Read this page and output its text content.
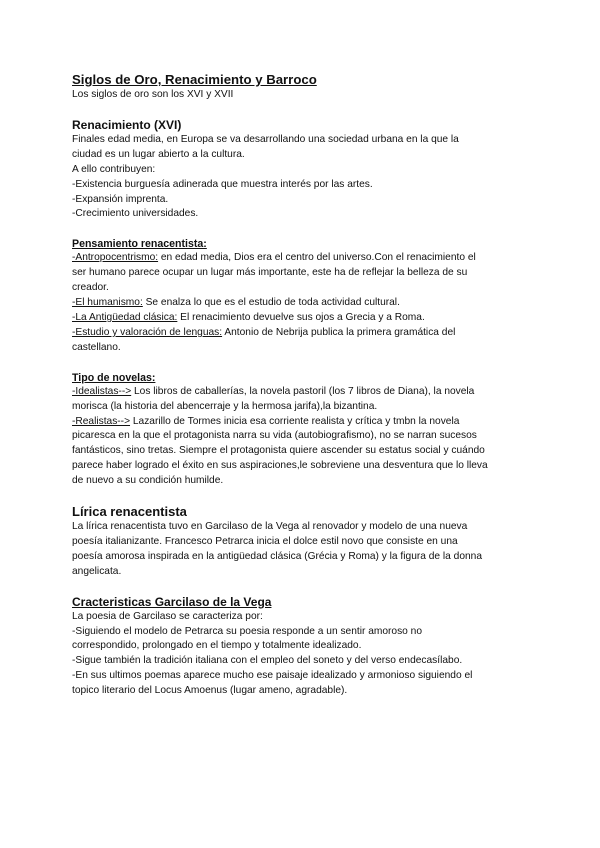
Siglos de Oro, Renacimiento y Barroco

Los siglos de oro son los XVI y XVII

Renacimiento (XVI)

Finales edad media, en Europa se va desarrollando una sociedad urbana en la que la

ciudad es un lugar abierto a la cultura.

A ello contribuyen:

-Existencia burguesía adinerada que muestra interés por las artes.

-Expansión imprenta.

-Crecimiento universidades.

Pensamiento renacentista:

-Antropocentrismo: en edad media, Dios era el centro del universo.Con el renacimiento el

ser humano parece ocupar un lugar más importante, este ha de reflejar la belleza de su

creador.

-El humanismo: Se enalza lo que es el estudio de toda actividad cultural.

-La Antigüedad clásica: El renacimiento devuelve sus ojos a Grecia y a Roma.

-Estudio y valoración de lenguas: Antonio de Nebrija publica la primera gramática del

castellano.

Tipo de novelas:

-Idealistas--> Los libros de caballerías, la novela pastoril (los 7 libros de Diana), la novela

morisca (la historia del abencerraje y la hermosa jarifa),la bizantina.

-Realistas--> Lazarillo de Tormes inicia esa corriente realista y crítica y tmbn la novela

picaresca en la que el protagonista narra su vida (autobiografismo), no se narran sucesos

fantásticos, sino tretas. Siempre el protagonista quiere ascender su estatus social y cuándo

parece haber logrado el éxito en sus aspiraciones,le sobreviene una desventura que lo lleva

de nuevo a su condición humilde.

Lírica renacentista

La lírica renacentista tuvo en Garcilaso de la Vega al renovador y modelo de una nueva

poesía italianizante. Francesco Petrarca inicia el dolce estil novo que consiste en una

poesía amorosa inspirada en la antigüedad clásica (Grécia y Roma) y la figura de la donna

angelicata.

Cracteristicas Garcilaso de la Vega

La poesia de Garcilaso se caracteriza por:

-Siguiendo el modelo de Petrarca su poesia responde a un sentir amoroso no

correspondido, prolongado en el tiempo y totalmente idealizado.

-Sigue también la tradición italiana con el empleo del soneto y del verso endecasílabo.

-En sus ultimos poemas aparece mucho ese paisaje idealizado y armonioso siguiendo el

topico literario del Locus Amoenus (lugar ameno, agradable).
